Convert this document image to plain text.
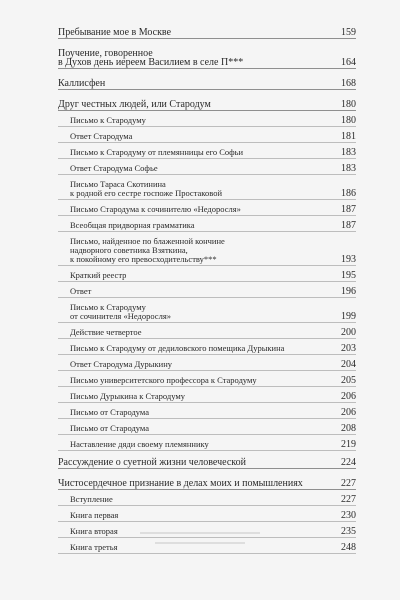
Пребывание мое в Москве	159
Поучение, говоренное
в Духов день иереем Василием в селе П***	164
Каллисфен	168
Друг честных людей, или Стародум	180
Письмо к Стародуму	180
Ответ Стародума	181
Письмо к Стародуму от племянницы его Софьи	183
Ответ Стародума Софье	183
Письмо Тараса Скотинина
к родной его сестре госпоже Простаковой	186
Письмо Стародума к сочинителю «Недоросля»	187
Всеобщая придворная грамматика	187
Письмо, найденное по блаженной кончине
надворного советника Взяткина,
к покойному его превосходительству***	193
Краткий реестр	195
Ответ	196
Письмо к Стародуму
от сочинителя «Недоросля»	199
Действие четвертое	200
Письмо к Стародуму от дедиловского помещика Дурыкина	203
Ответ Стародума Дурыкину	204
Письмо университетского профессора к Стародуму	205
Письмо Дурыкина к Стародуму	206
Письмо от Стародума	206
Письмо от Стародума	208
Наставление дяди своему племяннику	219
Рассуждение о суетной жизни человеческой	224
Чистосердечное признание в делах моих и помышлениях	227
Вступление	227
Книга первая	230
Книга вторая	235
Книга третья	248
